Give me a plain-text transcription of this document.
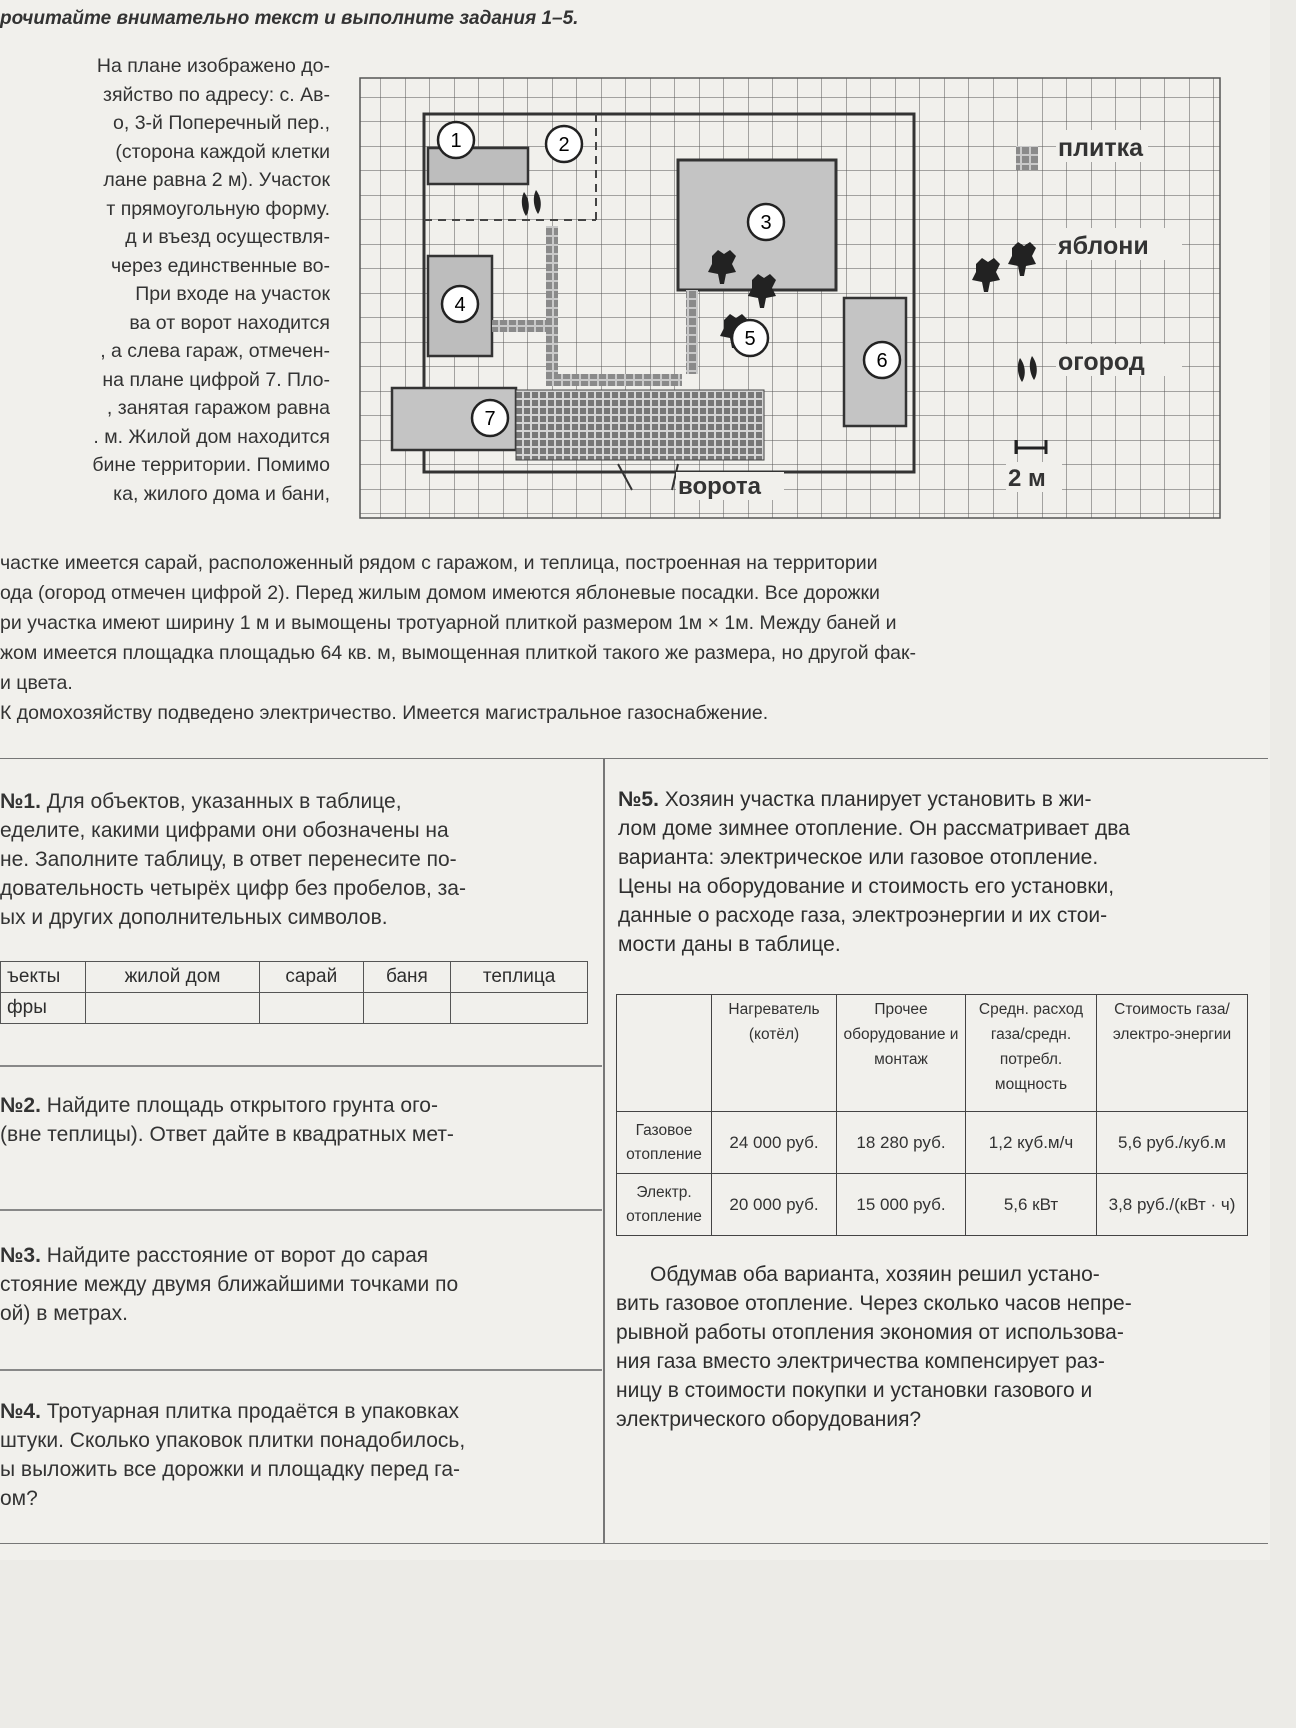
рочитайте внимательно текст и выполните задания 1–5.
На плане изображено до-
зяйство по адресу: с. Ав-
о, 3-й Поперечный пер.,
(сторона каждой клетки
лане равна 2 м). Участок
т прямоугольную форму.
д и въезд осуществля-
через единственные во-
При входе на участок
ва от ворот находится
, а слева гараж, отмечен-
на плане цифрой 7. Пло-
, занятая гаражом равна
. м. Жилой дом находится
бине территории. Помимо
ка, жилого дома и бани,
1	2
3
4
5
6
7
ворота
плитка
яблони
огород
2 м
частке имеется сарай, расположенный рядом с гаражом, и теплица, построенная на территории
ода (огород отмечен цифрой 2). Перед жилым домом имеются яблоневые посадки. Все дорожки
ри участка имеют ширину 1 м и вымощены тротуарной плиткой размером 1м × 1м. Между баней и
жом имеется площадка площадью 64 кв. м, вымощенная плиткой такого же размера, но другой фак-
и цвета.
К домохозяйству подведено электричество. Имеется магистральное газоснабжение.

№1. Для объектов, указанных в таблице,

еделите, какими цифрами они обозначены на

не. Заполните таблицу, в ответ перенесите по-

довательность четырёх цифр без пробелов, за-

ых и других дополнительных символов.

ъекты	жилой дом	сарай	баня	теплица
фры				

№2. Найдите площадь открытого грунта ого-

(вне теплицы). Ответ дайте в квадратных мет-

№3. Найдите расстояние от ворот до сарая

стояние между двумя ближайшими точками по

ой) в метрах.

№4. Тротуарная плитка продаётся в упаковках

штуки. Сколько упаковок плитки понадобилось,

ы выложить все дорожки и площадку перед га-

ом?

№5. Хозяин участка планирует установить в жи-

лом доме зимнее отопление. Он рассматривает два

варианта: электрическое или газовое отопление.

Цены на оборудование и стоимость его установки,

данные о расходе газа, электроэнергии и их стои-

мости даны в таблице.

	Нагреватель (котёл)	Прочее оборудование и монтаж	Средн. расход газа/средн. потребл. мощность	Стоимость газа/электро-энергии
Газовое отопление	24 000 руб.	18 280 руб.	1,2 куб.м/ч	5,6 руб./куб.м
Электр. отопление	20 000 руб.	15 000 руб.	5,6 кВт	3,8 руб./(кВт · ч)

Обдумав оба варианта, хозяин решил устано-

вить газовое отопление. Через сколько часов непре-

рывной работы отопления экономия от использова-

ния газа вместо электричества компенсирует раз-

ницу в стоимости покупки и установки газового и

электрического оборудования?
